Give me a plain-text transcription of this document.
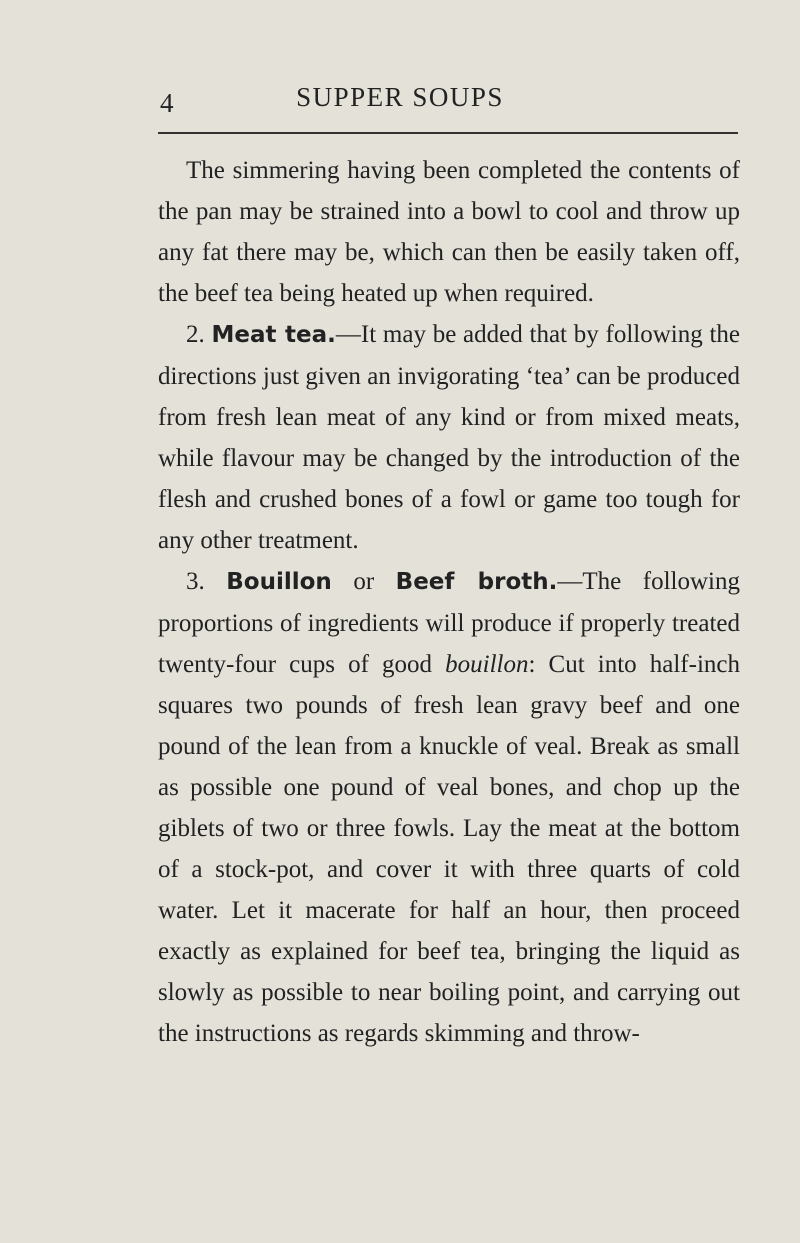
4	SUPPER SOUPS

The simmering having been completed the contents of the pan may be strained into a bowl to cool and throw up any fat there may be, which can then be easily taken off, the beef tea being heated up when required.

2. Meat tea.—It may be added that by following the directions just given an invigorating ‘tea’ can be produced from fresh lean meat of any kind or from mixed meats, while flavour may be changed by the introduction of the flesh and crushed bones of a fowl or game too tough for any other treatment.

3. Bouillon or Beef broth.—The following proportions of ingredients will produce if properly treated twenty-four cups of good bouillon: Cut into half-inch squares two pounds of fresh lean gravy beef and one pound of the lean from a knuckle of veal. Break as small as possible one pound of veal bones, and chop up the giblets of two or three fowls. Lay the meat at the bottom of a stock-pot, and cover it with three quarts of cold water. Let it macerate for half an hour, then proceed exactly as explained for beef tea, bringing the liquid as slowly as possible to near boiling point, and carrying out the instructions as regards skimming and throw-
